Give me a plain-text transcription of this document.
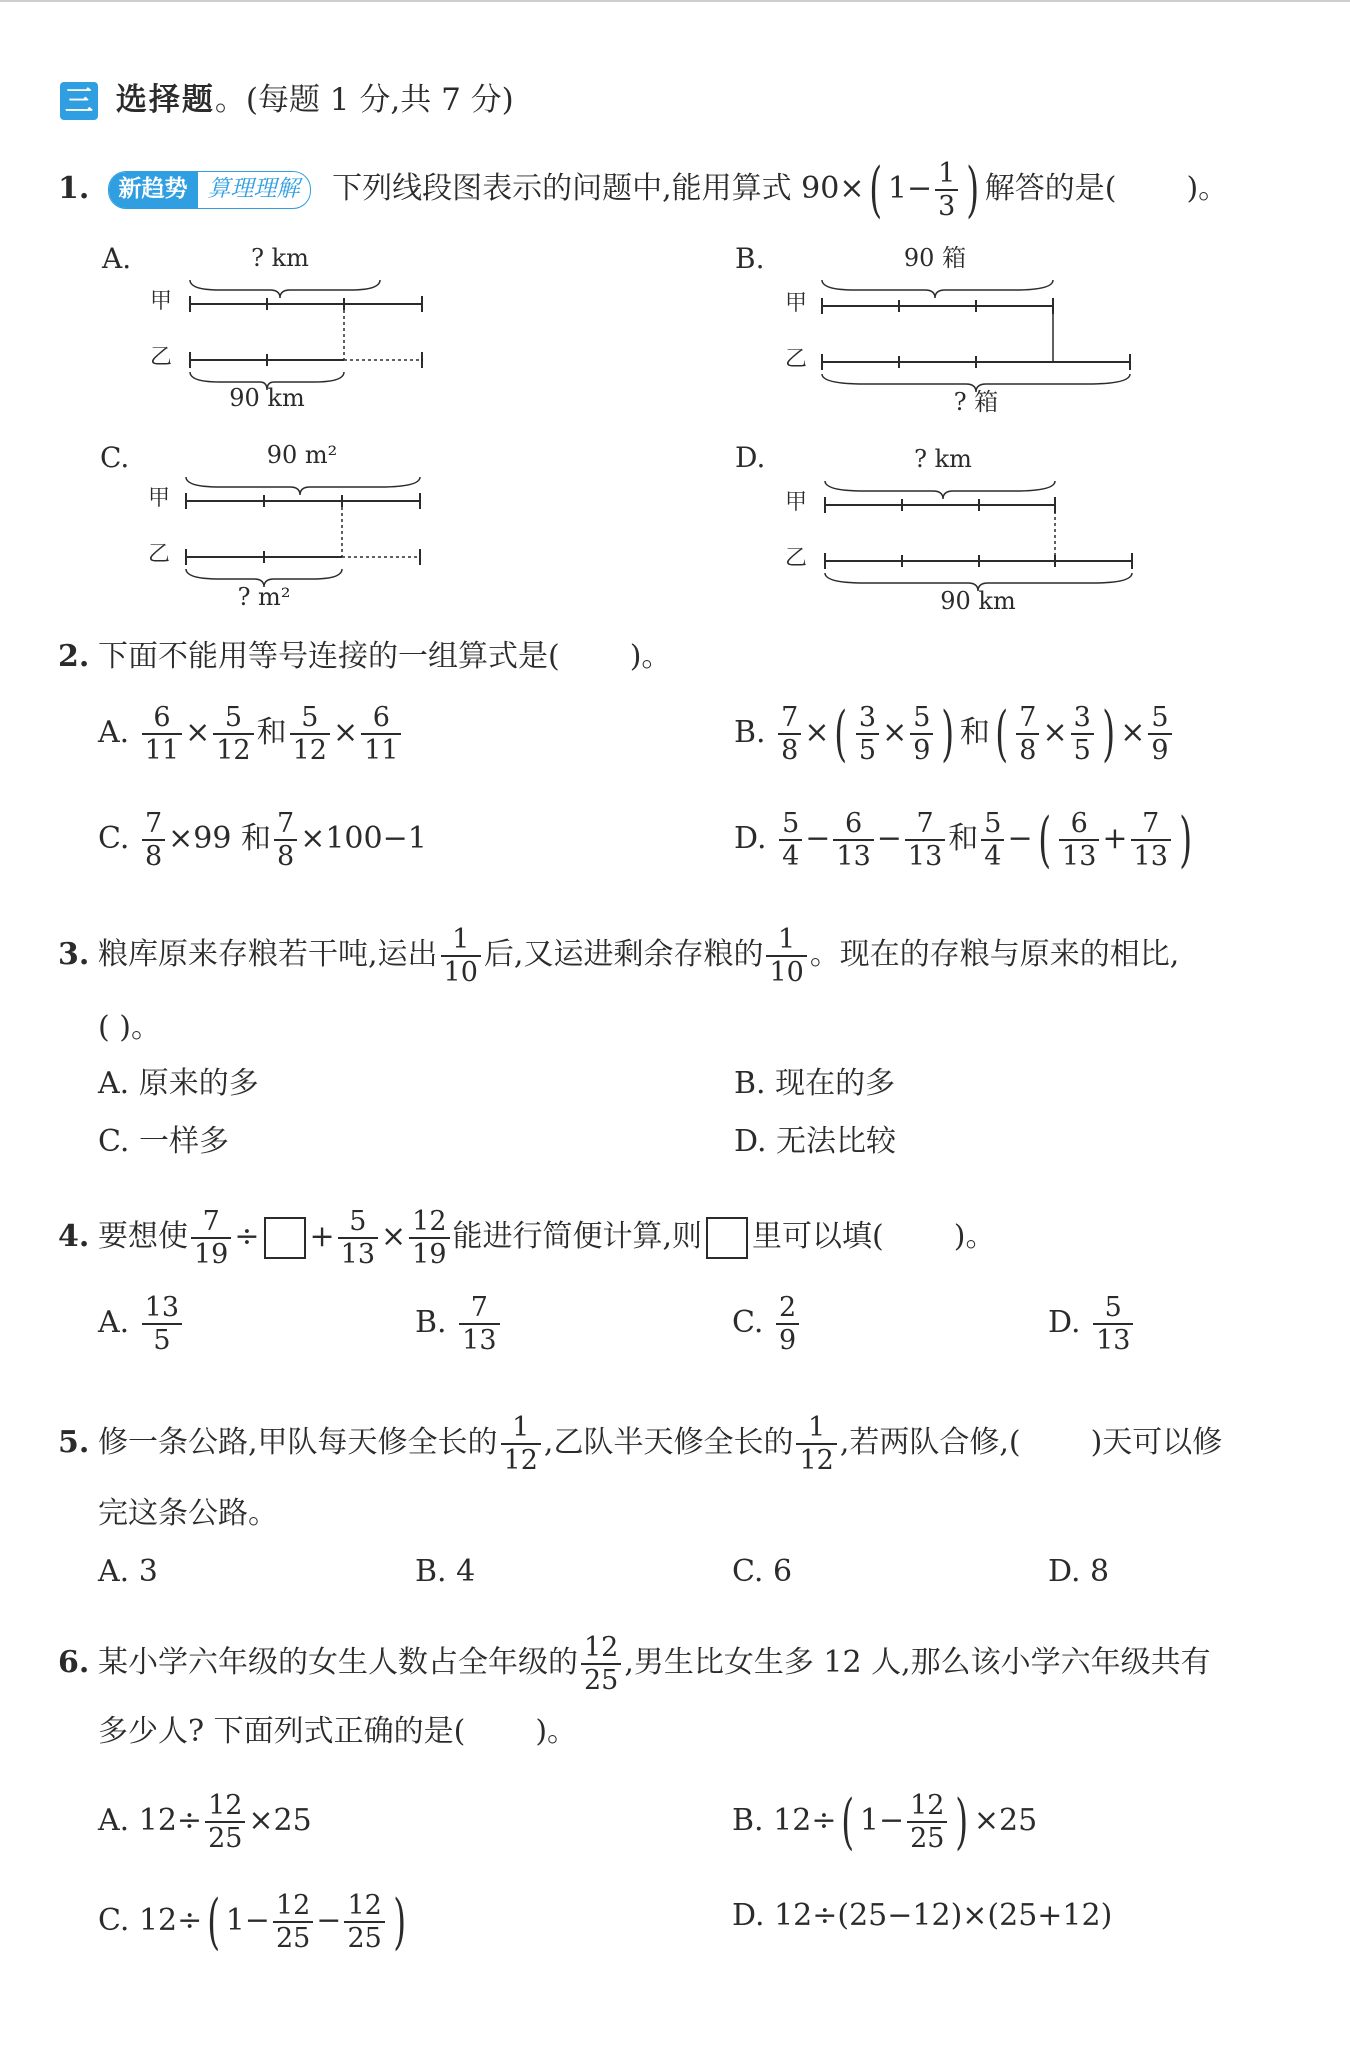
三 选择题。(每题 1 分,共 7 分)
1. 新趋势 算理理解 下列线段图表示的问题中,能用算式 90×( $1- \frac{1}{3}$ ) 解答的是( )。
A.	? km
甲
乙
90 km
B.	90 箱
甲
乙
? 箱
C.	90 m²
甲
乙
? m²
D.	? km
甲
乙
90 km
2. 下面不能用等号连接的一组算式是( )。
A. $\frac{6}{11} \times \frac{5}{12}$ 和 $\frac{5}{12} \times \frac{6}{11}$	B. $\frac{7}{8}$ ×( $\frac{3}{5} \times \frac{5}{9}$ ) 和( $\frac{7}{8} \times \frac{3}{5}$ ) × $\frac{5}{9}$
C. $\frac{7}{8} \times 99$ 和 $\frac{7}{8} \times 100-1$	D. $\frac{5}{4} - \frac{6}{13} - \frac{7}{13}$ 和 $\frac{5}{4}$ −( $\frac{6}{13} + \frac{7}{13}$ )
3. 粮库原来存粮若干吨,运出 $\frac{1}{10}$ 后,又运进剩余存粮的 $\frac{1}{10}$ 。现在的存粮与原来的相比,
( )。
A. 原来的多	B. 现在的多
C. 一样多	D. 无法比较
4. 要想使 $\frac{7}{19}$ ÷ + $\frac{5}{13} \times \frac{12}{19}$ 能进行简便计算,则 里可以填( )。
A. $\frac{13}{5}$	B. $\frac{7}{13}$	C. $\frac{2}{9}$	D. $\frac{5}{13}$
5. 修一条公路,甲队每天修全长的 $\frac{1}{12}$ ,乙队半天修全长的 $\frac{1}{12}$ ,若两队合修,( )天可以修
完这条公路。
A. 3	B. 4	C. 6	D. 8
6. 某小学六年级的女生人数占全年级的 $\frac{12}{25}$ ,男生比女生多 12 人,那么该小学六年级共有
多少人? 下面列式正确的是( )。
A. $12\div \frac{12}{25} \times 25$	B. 12÷( $1- \frac{12}{25}$ ) ×25
C. 12÷( $1- \frac{12}{25} - \frac{12}{25}$ )	D. 12÷(25−12)×(25+12)
